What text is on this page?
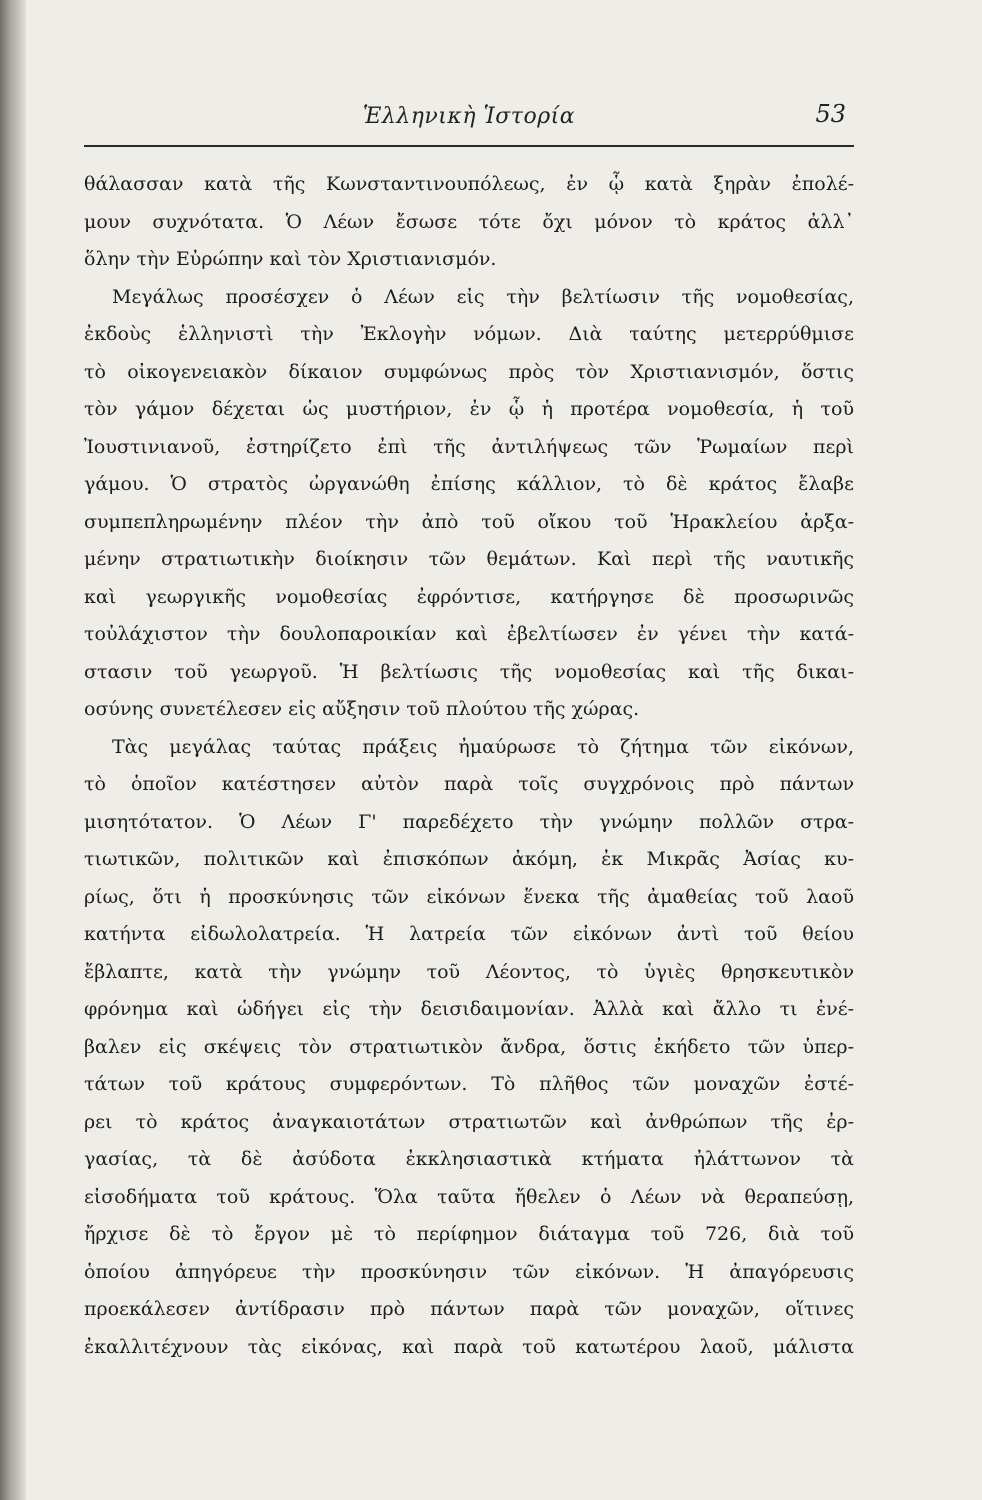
Ἑλληνικὴ Ἱστορία	53
θάλασσαν κατὰ τῆς Κωνσταντινουπόλεως, ἐν ᾧ κατὰ ξηρὰν ἐπολέ-
μουν συχνότατα. Ὁ Λέων ἔσωσε τότε ὄχι μόνον τὸ κράτος ἀλλ᾿
ὅλην τὴν Εὐρώπην καὶ τὸν Χριστιανισμόν.
Μεγάλως προσέσχεν ὁ Λέων εἰς τὴν βελτίωσιν τῆς νομοθεσίας,
ἐκδοὺς ἑλληνιστὶ τὴν Ἐκλογὴν νόμων. Διὰ ταύτης μετερρύθμισε
τὸ οἰκογενειακὸν δίκαιον συμφώνως πρὸς τὸν Χριστιανισμόν, ὅστις
τὸν γάμον δέχεται ὡς μυστήριον, ἐν ᾧ ἡ προτέρα νομοθεσία, ἡ τοῦ
Ἰουστινιανοῦ, ἐστηρίζετο ἐπὶ τῆς ἀντιλήψεως τῶν Ῥωμαίων περὶ
γάμου. Ὁ στρατὸς ὠργανώθη ἐπίσης κάλλιον, τὸ δὲ κράτος ἔλαβε
συμπεπληρωμένην πλέον τὴν ἀπὸ τοῦ οἴκου τοῦ Ἡρακλείου ἀρξα-
μένην στρατιωτικὴν διοίκησιν τῶν θεμάτων. Καὶ περὶ τῆς ναυτικῆς
καὶ γεωργικῆς νομοθεσίας ἐφρόντισε, κατήργησε δὲ προσωρινῶς
τοὐλάχιστον τὴν δουλοπαροικίαν καὶ ἐβελτίωσεν ἐν γένει τὴν κατά-
στασιν τοῦ γεωργοῦ. Ἡ βελτίωσις τῆς νομοθεσίας καὶ τῆς δικαι-
οσύνης συνετέλεσεν εἰς αὔξησιν τοῦ πλούτου τῆς χώρας.
Τὰς μεγάλας ταύτας πράξεις ἠμαύρωσε τὸ ζήτημα τῶν εἰκόνων,
τὸ ὁποῖον κατέστησεν αὐτὸν παρὰ τοῖς συγχρόνοις πρὸ πάντων
μισητότατον. Ὁ Λέων Γ' παρεδέχετο τὴν γνώμην πολλῶν στρα-
τιωτικῶν, πολιτικῶν καὶ ἐπισκόπων ἀκόμη, ἐκ Μικρᾶς Ἀσίας κυ-
ρίως, ὅτι ἡ προσκύνησις τῶν εἰκόνων ἕνεκα τῆς ἀμαθείας τοῦ λαοῦ
κατήντα εἰδωλολατρεία. Ἡ λατρεία τῶν εἰκόνων ἀντὶ τοῦ θείου
ἔβλαπτε, κατὰ τὴν γνώμην τοῦ Λέοντος, τὸ ὑγιὲς θρησκευτικὸν
φρόνημα καὶ ὡδήγει εἰς τὴν δεισιδαιμονίαν. Ἀλλὰ καὶ ἄλλο τι ἐνέ-
βαλεν εἰς σκέψεις τὸν στρατιωτικὸν ἄνδρα, ὅστις ἐκήδετο τῶν ὑπερ-
τάτων τοῦ κράτους συμφερόντων. Τὸ πλῆθος τῶν μοναχῶν ἐστέ-
ρει τὸ κράτος ἀναγκαιοτάτων στρατιωτῶν καὶ ἀνθρώπων τῆς ἐρ-
γασίας, τὰ δὲ ἀσύδοτα ἐκκλησιαστικὰ κτήματα ἠλάττωνον τὰ
εἰσοδήματα τοῦ κράτους. Ὅλα ταῦτα ἤθελεν ὁ Λέων νὰ θεραπεύσῃ,
ἤρχισε δὲ τὸ ἔργον μὲ τὸ περίφημον διάταγμα τοῦ 726, διὰ τοῦ
ὁποίου ἀπηγόρευε τὴν προσκύνησιν τῶν εἰκόνων. Ἡ ἀπαγόρευσις
προεκάλεσεν ἀντίδρασιν πρὸ πάντων παρὰ τῶν μοναχῶν, οἵτινες
ἐκαλλιτέχνουν τὰς εἰκόνας, καὶ παρὰ τοῦ κατωτέρου λαοῦ, μάλιστα
